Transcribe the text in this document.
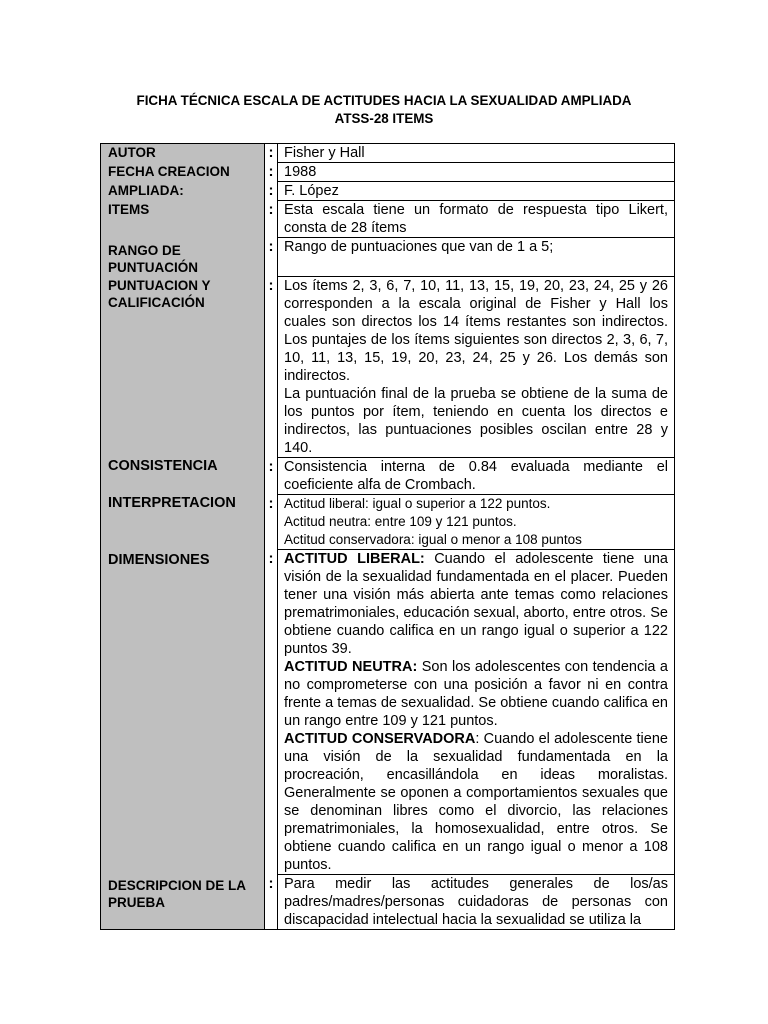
FICHA TÉCNICA ESCALA DE ACTITUDES HACIA LA SEXUALIDAD AMPLIADA
ATSS-28 ITEMS
AUTOR		:	Fisher y Hall
FECHA CREACION		:	1988
AMPLIADA:		:	F. López
ITEMS		:	Esta escala tiene un formato de respuesta tipo Likert, consta de 28 ítems
RANGO DE PUNTUACIÓN		:	Rango de puntuaciones que van de 1 a 5;
PUNTUACION Y CALIFICACIÓN		:	Los ítems 2, 3, 6, 7, 10, 11, 13, 15, 19, 20, 23, 24, 25 y 26 corresponden a la escala original de Fisher y Hall los cuales son directos los 14 ítems restantes son indirectos. Los puntajes de los ítems siguientes son directos 2, 3, 6, 7, 10, 11, 13, 15, 19, 20, 23, 24, 25 y 26. Los demás son indirectos.
La puntuación final de la prueba se obtiene de la suma de los puntos por ítem, teniendo en cuenta los directos e indirectos, las puntuaciones posibles oscilan entre 28 y 140.

CONSISTENCIA		:	Consistencia interna de 0.84 evaluada mediante el coeficiente alfa de Crombach.
INTERPRETACION		:	Actitud liberal: igual o superior a 122 puntos.
Actitud neutra: entre 109 y 121 puntos.
Actitud conservadora: igual o menor a 108 puntos

DIMENSIONES		:	ACTITUD LIBERAL: Cuando el adolescente tiene una visión de la sexualidad fundamentada en el placer. Pueden tener una visión más abierta ante temas como relaciones prematrimoniales, educación sexual, aborto, entre otros. Se obtiene cuando califica en un rango igual o superior a 122 puntos 39.
ACTITUD NEUTRA: Son los adolescentes con tendencia a no comprometerse con una posición a favor ni en contra frente a temas de sexualidad. Se obtiene cuando califica en un rango entre 109 y 121 puntos.
ACTITUD CONSERVADORA: Cuando el adolescente tiene una visión de la sexualidad fundamentada en la procreación, encasillándola en ideas moralistas. Generalmente se oponen a comportamientos sexuales que se denominan libres como el divorcio, las relaciones prematrimoniales, la homosexualidad, entre otros. Se obtiene cuando califica en un rango igual o menor a 108 puntos.

DESCRIPCION DE LA PRUEBA		:	Para medir las actitudes generales de los/as padres/madres/personas cuidadoras de personas con discapacidad intelectual hacia la sexualidad se utiliza la
